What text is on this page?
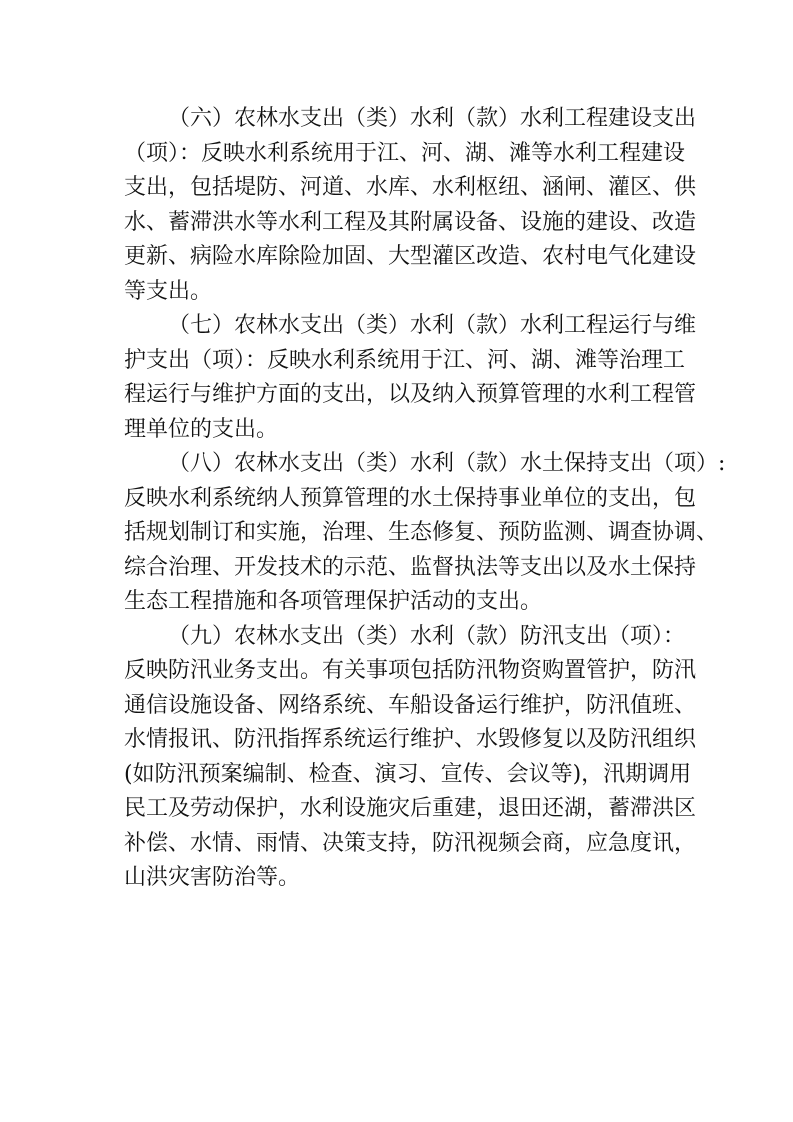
（六）农林水支出（类）水利（款）水利工程建设支出
（项）：反映水利系统用于江、河、湖、滩等水利工程建设
支出，包括堤防、河道、水库、水利枢纽、涵闸、灌区、供
水、蓄滞洪水等水利工程及其附属设备、设施的建设、改造
更新、病险水库除险加固、大型灌区改造、农村电气化建设
等支出。
（七）农林水支出（类）水利（款）水利工程运行与维
护支出（项）：反映水利系统用于江、河、湖、滩等治理工
程运行与维护方面的支出，以及纳入预算管理的水利工程管
理单位的支出。
（八）农林水支出（类）水利（款）水土保持支出（项）:
反映水利系统纳人预算管理的水土保持事业单位的支出，包
括规划制订和实施，治理、生态修复、预防监测、调查协调、
综合治理、开发技术的示范、监督执法等支出以及水土保持
生态工程措施和各项管理保护活动的支出。
（九）农林水支出（类）水利（款）防汛支出（项）：
反映防汛业务支出。有关事项包括防汛物资购置管护，防汛
通信设施设备、网络系统、车船设备运行维护，防汛值班、
水情报讯、防汛指挥系统运行维护、水毁修复以及防汛组织
(如防汛预案编制、检查、演习、宣传、会议等)，汛期调用
民工及劳动保护，水利设施灾后重建，退田还湖，蓄滞洪区
补偿、水情、雨情、决策支持，防汛视频会商，应急度讯，
山洪灾害防治等。
